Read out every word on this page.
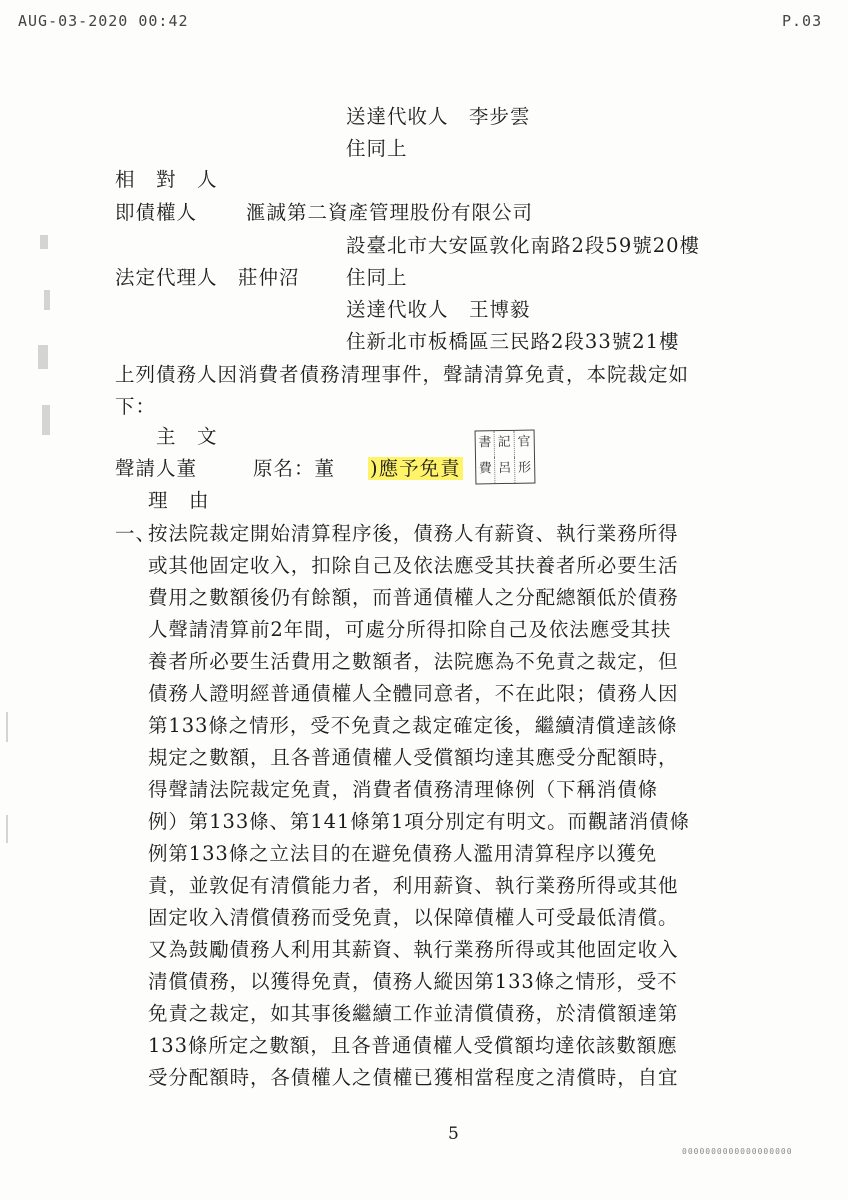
AUG-03-2020 00:42	P.03
送達代收人　李步雲
住同上
相　對　人
即債權人	滙誠第二資產管理股份有限公司
設臺北市大安區敦化南路2段59號20樓
法定代理人　莊仲沼 住同上
送達代收人　王博毅
住新北市板橋區三民路2段33號21樓
上列債務人因消費者債務清理事件，聲請清算免責，本院裁定如
下：
主　文
聲請人董	原名：董 )應予免責
書 記 官
費 呂 形
理　由
一、
按法院裁定開始清算程序後，債務人有薪資、執行業務所得
或其他固定收入，扣除自己及依法應受其扶養者所必要生活
費用之數額後仍有餘額，而普通債權人之分配總額低於債務
人聲請清算前2年間，可處分所得扣除自己及依法應受其扶
養者所必要生活費用之數額者，法院應為不免責之裁定，但
債務人證明經普通債權人全體同意者，不在此限；債務人因
第133條之情形，受不免責之裁定確定後，繼續清償達該條
規定之數額，且各普通債權人受償額均達其應受分配額時，
得聲請法院裁定免責，消費者債務清理條例（下稱消債條
例）第133條、第141條第1項分別定有明文。而觀諸消債條
例第133條之立法目的在避免債務人濫用清算程序以獲免
責，並敦促有清償能力者，利用薪資、執行業務所得或其他
固定收入清償債務而受免責，以保障債權人可受最低清償。
又為鼓勵債務人利用其薪資、執行業務所得或其他固定收入
清償債務，以獲得免責，債務人縱因第133條之情形，受不
免責之裁定，如其事後繼續工作並清償債務，於清償額達第
133條所定之數額，且各普通債權人受償額均達依該數額應
受分配額時，各債權人之債權已獲相當程度之清償時，自宜
5
0000000000000000000
